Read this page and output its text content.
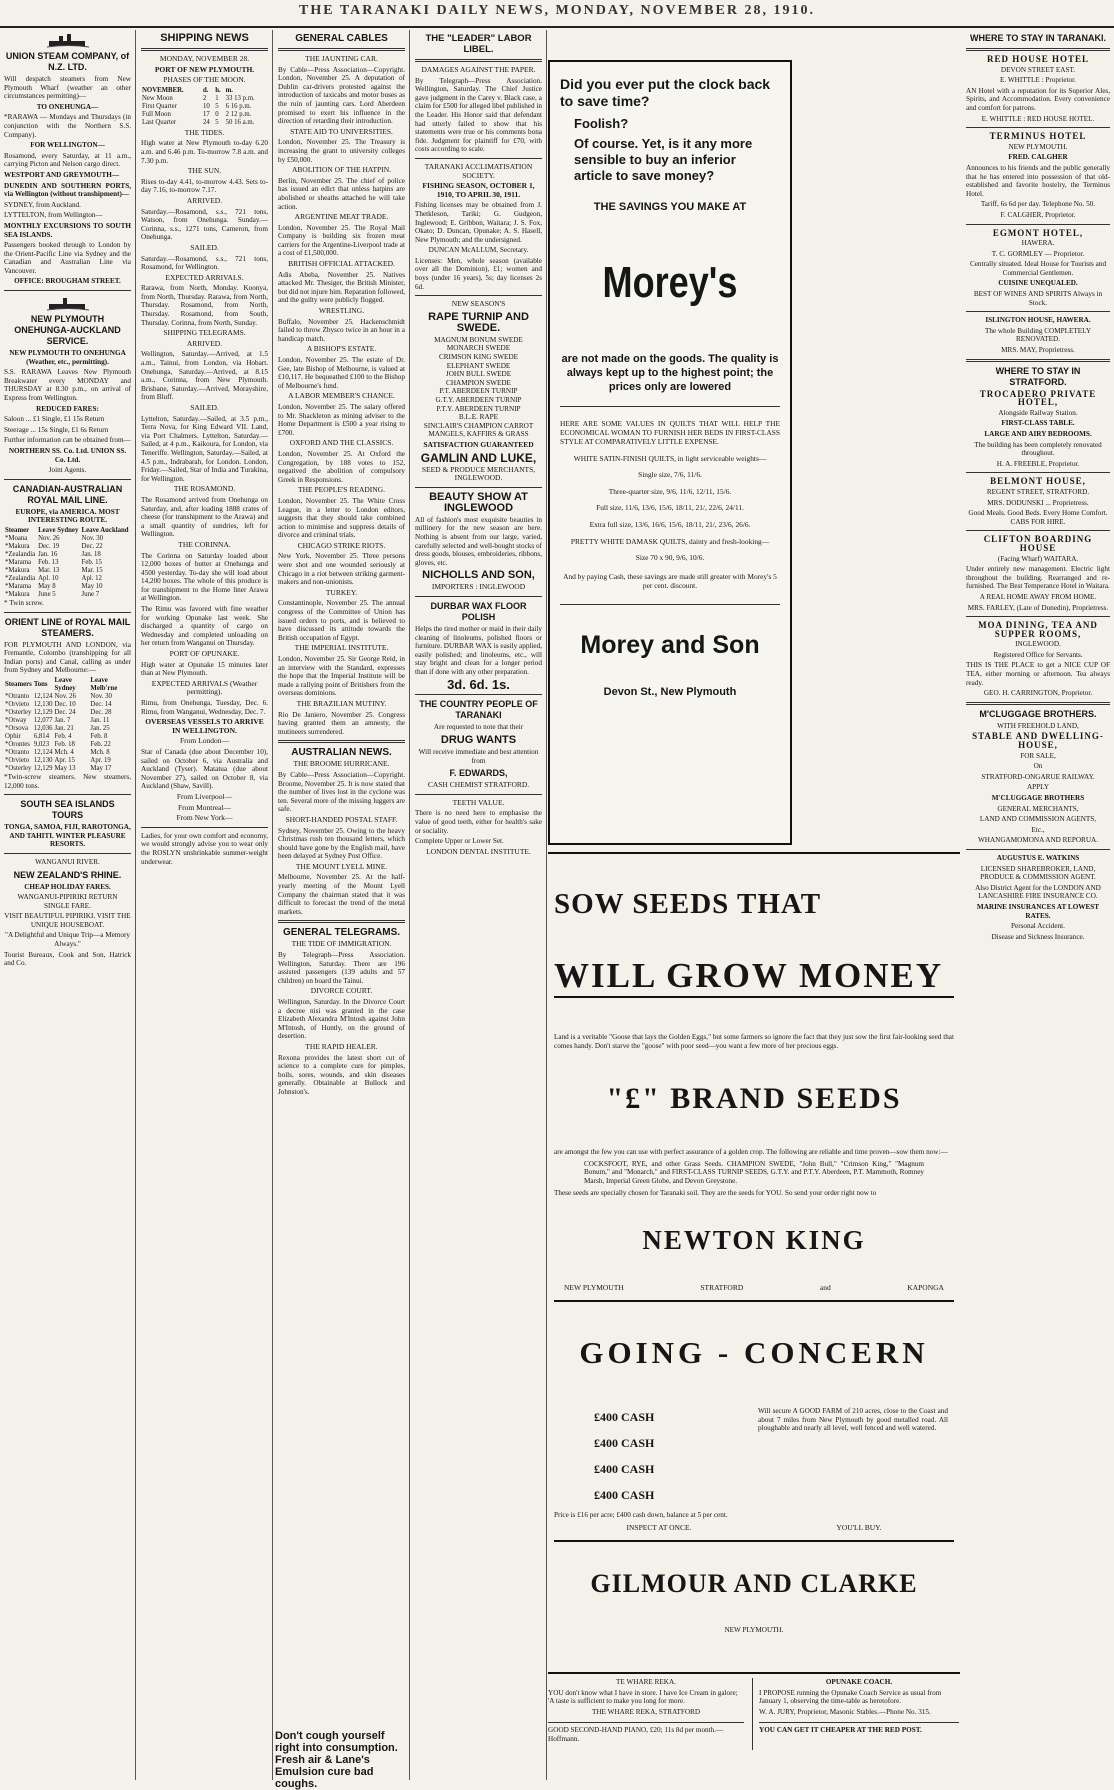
THE TARANAKI DAILY NEWS, MONDAY, NOVEMBER 28, 1910.

UNION STEAM COMPANY, of N.Z. LTD.

Will despatch steamers from New Plymouth Wharf (weather an other circumstances permitting)—

TO ONEHUNGA—

*RARAWA — Mondays and Thursdays (in conjunction with the Northern S.S. Company).

FOR WELLINGTON—

Rosamond, every Saturday, at 11 a.m., carrying Picton and Nelson cargo direct.

WESTPORT AND GREYMOUTH—

DUNEDIN AND SOUTHERN PORTS, via Wellington (without transhipment)—

SYDNEY, from Auckland.

LYTTELTON, from Wellington—

MONTHLY EXCURSIONS TO SOUTH SEA ISLANDS.

Passengers booked through to London by the Orient-Pacific Line via Sydney and the Canadian and Australian Line via Vancouver.

OFFICE: BROUGHAM STREET.

NEW PLYMOUTH ONEHUNGA-AUCKLAND SERVICE.

NEW PLYMOUTH TO ONEHUNGA (Weather, etc., permitting).

S.S. RARAWA Leaves New Plymouth Breakwater every MONDAY and THURSDAY at 8.30 p.m., on arrival of Express from Wellington.

REDUCED FARES:

Saloon ... £1 Single, £1 15s Return

Steerage ... 15s Single, £1 6s Return

Further information can be obtained from—

NORTHERN SS. Co. Ltd. UNION SS. Co. Ltd.

Joint Agents.

CANADIAN-AUSTRALIAN ROYAL MAIL LINE.

EUROPE, via AMERICA. MOST INTERESTING ROUTE.

Steamer	Leave Sydney	Leave Auckland
*Moana	Nov. 26	Nov. 30
*Makura	Dec. 19	Dec. 22
*Zealandia	Jan. 16	Jan. 18
*Marama	Feb. 13	Feb. 15
*Makura	Mar. 13	Mar. 15
*Zealandia	Apl. 10	Apl. 12
*Marama	May 8	May 10
*Makura	June 5	June 7

* Twin screw.

ORIENT LINE of ROYAL MAIL STEAMERS.

FOR PLYMOUTH AND LONDON, via Fremantle, Colombo (transhipping for all Indian ports) and Canal, calling as under from Sydney and Melbourne:—

Steamers	Tons	Leave Sydney	Leave Melb'rne
*Otranto	12,124	Nov. 26	Nov. 30
*Orvieto	12,130	Dec. 10	Dec. 14
*Osterley	12,129	Dec. 24	Dec. 28
*Otway	12,077	Jan. 7	Jan. 11
*Orsova	12,036	Jan. 21	Jan. 25
Ophir	6,814	Feb. 4	Feb. 8
*Orontes	9,023	Feb. 18	Feb. 22
*Otranto	12,124	Mch. 4	Mch. 8
*Orvieto	12,130	Apr. 15	Apr. 19
*Osterley	12,129	May 13	May 17

*Twin-screw steamers. New steamers, 12,000 tons.

SOUTH SEA ISLANDS TOURS

TONGA, SAMOA, FIJI, RAROTONGA, AND TAHITI. WINTER PLEASURE RESORTS.

WANGANUI RIVER.

NEW ZEALAND'S RHINE.

CHEAP HOLIDAY FARES.

WANGANUI-PIPIRIKI RETURN SINGLE FARE.

VISIT BEAUTIFUL PIPIRIKI. VISIT THE UNIQUE HOUSEBOAT.

"A Delightful and Unique Trip—a Memory Always."

Tourist Bureaux, Cook and Son, Hatrick and Co.

SHIPPING NEWS

MONDAY, NOVEMBER 28.

PORT OF NEW PLYMOUTH.

PHASES OF THE MOON.

NOVEMBER.	d.	h.	m.
New Moon	2	1	33 13 p.m.
First Quarter	10	5	6 16 p.m.
Full Moon	17	0	2 12 p.m.
Last Quarter	24	5	50 16 a.m.

THE TIDES.

High water at New Plymouth to-day 6.20 a.m. and 6.46 p.m. To-morrow 7.8 a.m. and 7.30 p.m.

THE SUN.

Rises to-day 4.41, to-morrow 4.43. Sets to-day 7.16, to-morrow 7.17.

ARRIVED.

Saturday.—Rosamond, s.s., 721 tons, Watson, from Onehunga. Sunday.—Corinna, s.s., 1271 tons, Cameron, from Onehunga.

SAILED.

Saturday.—Rosamond, s.s., 721 tons, Rosamond, for Wellington.

EXPECTED ARRIVALS.

Rarawa, from North, Monday. Koonya, from North, Thursday. Rarawa, from North, Thursday. Rosamond, from North, Thursday. Rosamond, from South, Thursday. Corinna, from North, Sunday.

SHIPPING TELEGRAMS.

ARRIVED.

Wellington, Saturday.—Arrived, at 1.5 a.m., Tainui, from London, via Hobart. Onehunga, Saturday.—Arrived, at 8.15 a.m., Corinna, from New Plymouth. Brisbane, Saturday.—Arrived, Morayshire, from Bluff.

SAILED.

Lyttelton, Saturday.—Sailed, at 3.5 p.m., Terra Nova, for King Edward VII. Land, via Port Chalmers. Lyttelton, Saturday.—Sailed, at 4 p.m., Kaikoura, for London, via Teneriffe. Wellington, Saturday.—Sailed, at 4.5 p.m., Indrabarah, for London. London, Friday.—Sailed, Star of India and Turakina, for Wellington.

THE ROSAMOND.

The Rosamond arrived from Onehunga on Saturday, and, after loading 1888 crates of cheese (for transhipment to the Arawa) and a small quantity of sundries, left for Wellington.

THE CORINNA.

The Corinna on Saturday loaded about 12,000 boxes of butter at Onehunga and 4500 yesterday. To-day she will load about 14,200 boxes. The whole of this produce is for transhipment to the Home liner Arawa at Wellington.

The Rimu was favored with fine weather for working Opunake last week. She discharged a quantity of cargo on Wednesday and completed unloading on her return from Wanganui on Thursday.

PORT OF OPUNAKE.

High water at Opunake 15 minutes later than at New Plymouth.

EXPECTED ARRIVALS (Weather permitting).

Rimu, from Onehunga, Tuesday, Dec. 6. Rimu, from Wanganui, Wednesday, Dec. 7.

OVERSEAS VESSELS TO ARRIVE IN WELLINGTON.

From London—

Star of Canada (due about December 10), sailed on October 6, via Australia and Auckland (Tyser). Matatua (due about November 27), sailed on October 8, via Auckland (Shaw, Savill).

From Liverpool—

From Montreal—

From New York—

Ladies, for your own comfort and economy, we would strongly advise you to wear only the ROSLYN unshrinkable summer-weight underwear.

GENERAL CABLES

THE JAUNTING CAR.

By Cable—Press Association—Copyright. London, November 25. A deputation of Dublin car-drivers protested against the introduction of taxicabs and motor buses as the ruin of jaunting cars. Lord Aberdeen promised to exert his influence in the direction of retarding their introduction.

STATE AID TO UNIVERSITIES.

London, November 25. The Treasury is increasing the grant to university colleges by £50,000.

ABOLITION OF THE HATPIN.

Berlin, November 25. The chief of police has issued an edict that unless hatpins are abolished or sheaths attached he will take action.

ARGENTINE MEAT TRADE.

London, November 25. The Royal Mail Company is building six frozen meat carriers for the Argentine-Liverpool trade at a cost of £1,500,000.

BRITISH OFFICIAL ATTACKED.

Adis Abeba, November 25. Natives attacked Mr. Thesiger, the British Minister, but did not injure him. Reparation followed, and the guilty were publicly flogged.

WRESTLING.

Buffalo, November 25. Hackenschmidt failed to throw Zbysco twice in an hour in a handicap match.

A BISHOP'S ESTATE.

London, November 25. The estate of Dr. Gee, late Bishop of Melbourne, is valued at £10,117. He bequeathed £100 to the Bishop of Melbourne's fund.

A LABOR MEMBER'S CHANCE.

London, November 25. The salary offered to Mr. Shackleton as mining adviser to the Home Department is £500 a year rising to £700.

OXFORD AND THE CLASSICS.

London, November 25. At Oxford the Congregation, by 188 votes to 152, negatived the abolition of compulsory Greek in Responsions.

THE PEOPLE'S READING.

London, November 25. The White Cross League, in a letter to London editors, suggests that they should take combined action to minimise and suppress details of divorce and criminal trials.

CHICAGO STRIKE RIOTS.

New York, November 25. Three persons were shot and one wounded seriously at Chicago in a riot between striking garment-makers and non-unionists.

TURKEY.

Constantinople, November 25. The annual congress of the Committee of Union has issued orders to ports, and is believed to have discussed its attitude towards the British occupation of Egypt.

THE IMPERIAL INSTITUTE.

London, November 25. Sir George Reid, in an interview with the Standard, expresses the hope that the Imperial Institute will be made a rallying point of Britishers from the overseas dominions.

THE BRAZILIAN MUTINY.

Rio De Janiero, November 25. Congress having granted them an amnesty, the mutineers surrendered.

AUSTRALIAN NEWS.

THE BROOME HURRICANE.

By Cable—Press Association—Copyright. Broome, November 25. It is now stated that the number of lives lost in the cyclone was ten. Several more of the missing luggers are safe.

SHORT-HANDED POSTAL STAFF.

Sydney, November 25. Owing to the heavy Christmas rush ten thousand letters, which should have gone by the English mail, have been delayed at Sydney Post Office.

THE MOUNT LYELL MINE.

Melbourne, November 25. At the half-yearly meeting of the Mount Lyell Company the chairman stated that it was difficult to forecast the trend of the metal markets.

GENERAL TELEGRAMS.

THE TIDE OF IMMIGRATION.

By Telegraph—Press Association. Wellington, Saturday. There are 196 assisted passengers (139 adults and 57 children) on board the Tainui.

DIVORCE COURT.

Wellington, Saturday. In the Divorce Court a decree nisi was granted in the case Elizabeth Alexandra M'Intosh against John M'Intosh, of Huntly, on the ground of desertion.

THE RAPID HEALER.

Rexona provides the latest short cut of science to a complete cure for pimples, boils, sores, wounds, and skin diseases generally. Obtainable at Bullock and Johnston's.

THE "LEADER" LABOR LIBEL.

DAMAGES AGAINST THE PAPER.

By Telegraph—Press Association. Wellington, Saturday. The Chief Justice gave judgment in the Carey v. Black case, a claim for £500 for alleged libel published in the Leader. His Honor said that defendant had utterly failed to show that his statements were true or his comments bona fide. Judgment for plaintiff for £70, with costs according to scale.

TARANAKI ACCLIMATISATION SOCIETY.

FISHING SEASON, OCTOBER 1, 1910, TO APRIL 30, 1911.

Fishing licenses may be obtained from J. Thetkleson, Tariki; G. Gudgeon, Inglewood; E. Gribbon, Waitara; J. S. Fox, Okato; D. Duncan, Opunake; A. S. Hasell, New Plymouth; and the undersigned.

DUNCAN McALLUM, Secretary.

Licenses: Men, whole season (available over all the Dominion), £1; women and boys (under 16 years), 5s; day licenses 2s 6d.

NEW SEASON'S

RAPE TURNIP AND SWEDE.

MAGNUM BONUM SWEDE

MONARCH SWEDE

CRIMSON KING SWEDE

ELEPHANT SWEDE

JOHN BULL SWEDE

CHAMPION SWEDE

P.T. ABERDEEN TURNIP

G.T.Y. ABERDEEN TURNIP

P.T.Y. ABERDEEN TURNIP

B.L.E. RAPE

SINCLAIR'S CHAMPION CARROT

MANGELS, KAFFIRS & GRASS

SATISFACTION GUARANTEED

GAMLIN AND LUKE,

SEED & PRODUCE MERCHANTS, INGLEWOOD.

BEAUTY SHOW AT INGLEWOOD

All of fashion's most exquisite beauties in millinery for the new season are here. Nothing is absent from our large, varied, carefully selected and well-bought stocks of dress goods, blouses, embroideries, ribbons, gloves, etc.

NICHOLLS AND SON,

IMPORTERS : INGLEWOOD

DURBAR WAX FLOOR POLISH

Helps the tired mother or maid in their daily cleaning of linoleums, polished floors or furniture. DURBAR WAX is easily applied, easily polished; and linoleums, etc., will stay bright and clean for a longer period than if done with any other preparation.

3d. 6d. 1s.

THE COUNTRY PEOPLE OF TARANAKI

Are requested to note that their

DRUG WANTS

Will receive immediate and best attention from

F. EDWARDS,

CASH CHEMIST STRATFORD.

TEETH VALUE.

There is no need here to emphasise the value of good teeth, either for health's sake or sociality.

Complete Upper or Lower Set.

LONDON DENTAL INSTITUTE.

Did you ever put the clock back to save time?

Foolish?

Of course. Yet, is it any more sensible to buy an inferior article to save money?

THE SAVINGS YOU MAKE AT

Morey's

are not made on the goods. The quality is always kept up to the highest point; the prices only are lowered

HERE ARE SOME VALUES IN QUILTS THAT WILL HELP THE ECONOMICAL WOMAN TO FURNISH HER BEDS IN FIRST-CLASS STYLE AT COMPARATIVELY LITTLE EXPENSE.

WHITE SATIN-FINISH QUILTS, in light serviceable weights—

Single size, 7/6, 11/6.

Three-quarter size, 9/6, 11/6, 12/11, 15/6.

Full size, 11/6, 13/6, 15/6, 18/11, 21/, 22/6, 24/11.

Extra full size, 13/6, 16/6, 15/6, 18/11, 21/, 23/6, 26/6.

PRETTY WHITE DAMASK QUILTS, dainty and fresh-looking—

Size 70 x 90, 9/6, 10/6.

And by paying Cash, these savings are made still greater with Morey's 5 per cent. discount.

Morey and Son

Devon St., New Plymouth

SOW SEEDS THAT

WILL GROW MONEY

Land is a veritable "Goose that lays the Golden Eggs," but some farmers so ignore the fact that they just sow the first fair-looking seed that comes handy. Don't starve the "goose" with poor seed—you want a few more of her precious eggs.

"£" BRAND SEEDS

are amongst the few you can use with perfect assurance of a golden crop. The following are reliable and time proven—sow them now:—

COCKSFOOT, RYE, and other Grass Seeds. CHAMPION SWEDE, "John Bull," "Crimson King," "Magnum Bonum," and "Monarch," and FIRST-CLASS TURNIP SEEDS, G.T.Y. and P.T.Y. Aberdeen, P.T. Mammoth, Romney Marsh, Imperial Green Globe, and Devon Greystone.

These seeds are specially chosen for Taranaki soil. They are the seeds for YOU. So send your order right now to

NEWTON KING

NEW PLYMOUTH	STRATFORD	and	KAPONGA

GOING - CONCERN

£400 CASH
£400 CASH
£400 CASH
£400 CASH

Will secure A GOOD FARM of 210 acres, close to the Coast and about 7 miles from New Plymouth by good metalled road. All ploughable and nearly all level, well fenced and well watered.

Price is £16 per acre; £400 cash down, balance at 5 per cent.

INSPECT AT ONCE.	YOU'LL BUY.

GILMOUR AND CLARKE

NEW PLYMOUTH.

TE WHARE REKA.

YOU don't know what I have in store. I have Ice Cream in galore; 'A taste is sufficient to make you long for more.

THE WHARE REKA, STRATFORD

GOOD SECOND-HAND PIANO, £20; 11s 8d per month.—Hoffmann.

OPUNAKE COACH.

I PROPOSE running the Opunake Coach Service as usual from January 1, observing the time-table as heretofore.

W. A. JURY, Proprietor, Masonic Stables.—Phone No. 315.

YOU CAN GET IT CHEAPER AT THE RED POST.

Don't cough yourself right into consumption. Fresh air & Lane's Emulsion cure bad coughs.

WHERE TO STAY IN TARANAKI.

RED HOUSE HOTEL

DEVON STREET EAST.

E. WHITTLE : Proprietor.

AN Hotel with a reputation for its Superior Ales, Spirits, and Accommodation. Every convenience and comfort for patrons.

E. WHITTLE : RED HOUSE HOTEL.

TERMINUS HOTEL

NEW PLYMOUTH.

FRED. CALGHER

Announces to his friends and the public generally that he has entered into possession of that old-established and favorite hostelry, the Terminus Hotel.

Tariff, 6s 6d per day. Telephone No. 50.

F. CALGHER, Proprietor.

EGMONT HOTEL,

HAWERA.

T. C. GORMLEY — Proprietor.

Centrally situated. Ideal House for Tourists and Commercial Gentlemen.

CUISINE UNEQUALED.

BEST OF WINES AND SPIRITS Always in Stock.

ISLINGTON HOUSE, HAWERA.

The whole Building COMPLETELY RENOVATED.

MRS. MAY, Proprietress.

WHERE TO STAY IN STRATFORD.

TROCADERO PRIVATE HOTEL,

Alongside Railway Station.

FIRST-CLASS TABLE.

LARGE AND AIRY BEDROOMS.

The building has been completely renovated throughout.

H. A. FREEBLE, Proprietor.

BELMONT HOUSE,

REGENT STREET, STRATFORD.

MRS. DODUNSKI ... Proprietress.

Good Meals. Good Beds. Every Home Comfort. CABS FOR HIRE.

CLIFTON BOARDING HOUSE

(Facing Wharf) WAITARA.

Under entirely new management. Electric light throughout the building. Rearranged and re-furnished. The Best Temperance Hotel in Waitara.

A REAL HOME AWAY FROM HOME.

MRS. FARLEY, (Late of Dunedin), Proprietress.

MOA DINING, TEA AND SUPPER ROOMS,

INGLEWOOD.

Registered Office for Servants.

THIS IS THE PLACE to get a NICE CUP OF TEA, either morning or afternoon. Tea always ready.

GEO. H. CARRINGTON, Proprietor.

M'CLUGGAGE BROTHERS.

WITH FREEHOLD LAND,

STABLE AND DWELLING-HOUSE,

FOR SALE,

On

STRATFORD-ONGARUE RAILWAY.

APPLY

M'CLUGGAGE BROTHERS

GENERAL MERCHANTS,

LAND AND COMMISSION AGENTS,

Etc.,

WHANGAMOMONA AND REPORUA.

AUGUSTUS E. WATKINS

LICENSED SHAREBROKER, LAND, PRODUCE & COMMISSION AGENT.

Also District Agent for the LONDON AND LANCASHIRE FIRE INSURANCE CO.

MARINE INSURANCES AT LOWEST RATES.

Personal Accident.

Disease and Sickness Insurance.
